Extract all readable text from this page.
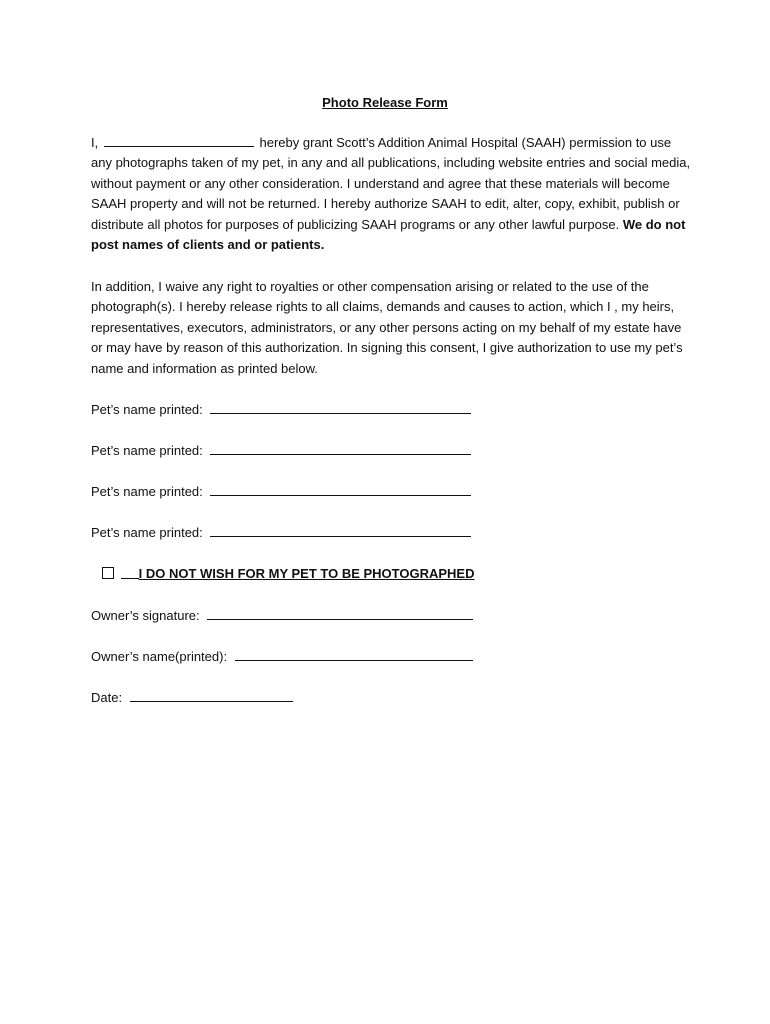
Photo Release Form
I,	hereby grant Scott’s Addition Animal Hospital (SAAH) permission to use any photographs taken of my pet, in any and all publications, including website entries and social media, without payment or any other consideration. I understand and agree that these materials will become SAAH property and will not be returned. I hereby authorize SAAH to edit, alter, copy, exhibit, publish or distribute all photos for purposes of publicizing SAAH programs or any other lawful purpose. We do not post names of clients and or patients.
In addition, I waive any right to royalties or other compensation arising or related to the use of the photograph(s). I hereby release rights to all claims, demands and causes to action, which I , my heirs, representatives, executors, administrators, or any other persons acting on my behalf of my estate have or may have by reason of this authorization. In signing this consent, I give authorization to use my pet’s name and information as printed below.
Pet’s name printed:
Pet’s name printed:
Pet’s name printed:
Pet’s name printed:
I DO NOT WISH FOR MY PET TO BE PHOTOGRAPHED
Owner’s signature:
Owner’s name(printed):
Date:
